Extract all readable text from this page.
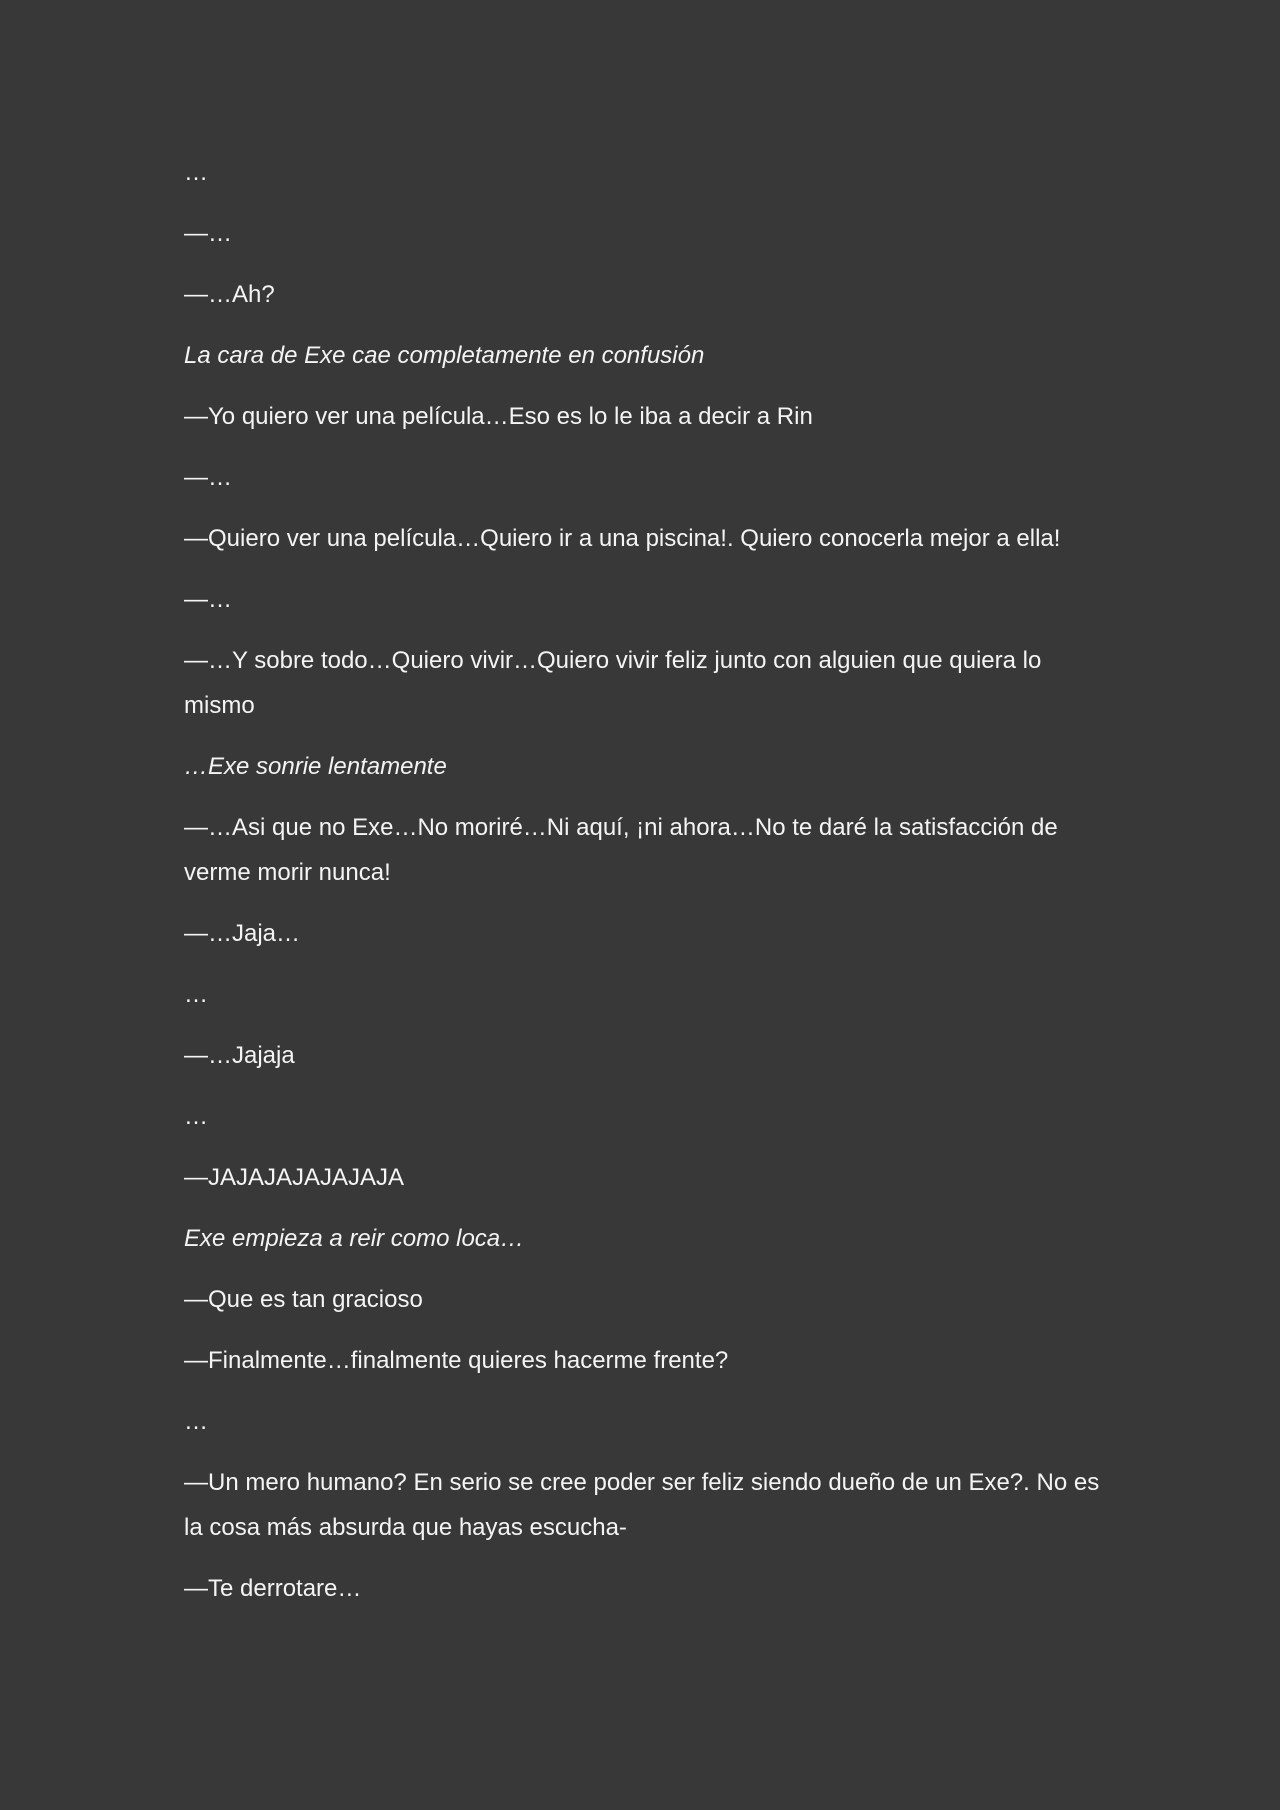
…

—…

—…Ah?

La cara de Exe cae completamente en confusión

—Yo quiero ver una película…Eso es lo le iba a decir a Rin

—…

—Quiero ver una película…Quiero ir a una piscina!. Quiero conocerla mejor a ella!

—…

—…Y sobre todo…Quiero vivir…Quiero vivir feliz junto con alguien que quiera lo mismo

…Exe sonrie lentamente

—…Asi que no Exe…No moriré…Ni aquí, ¡ni ahora…No te daré la satisfacción de verme morir nunca!

—…Jaja…

…

—…Jajaja

…

—JAJAJAJAJAJAJA

Exe empieza a reir como loca…

—Que es tan gracioso

—Finalmente…finalmente quieres hacerme frente?

…

—Un mero humano? En serio se cree poder ser feliz siendo dueño de un Exe?. No es la cosa más absurda que hayas escucha-

—Te derrotare…
